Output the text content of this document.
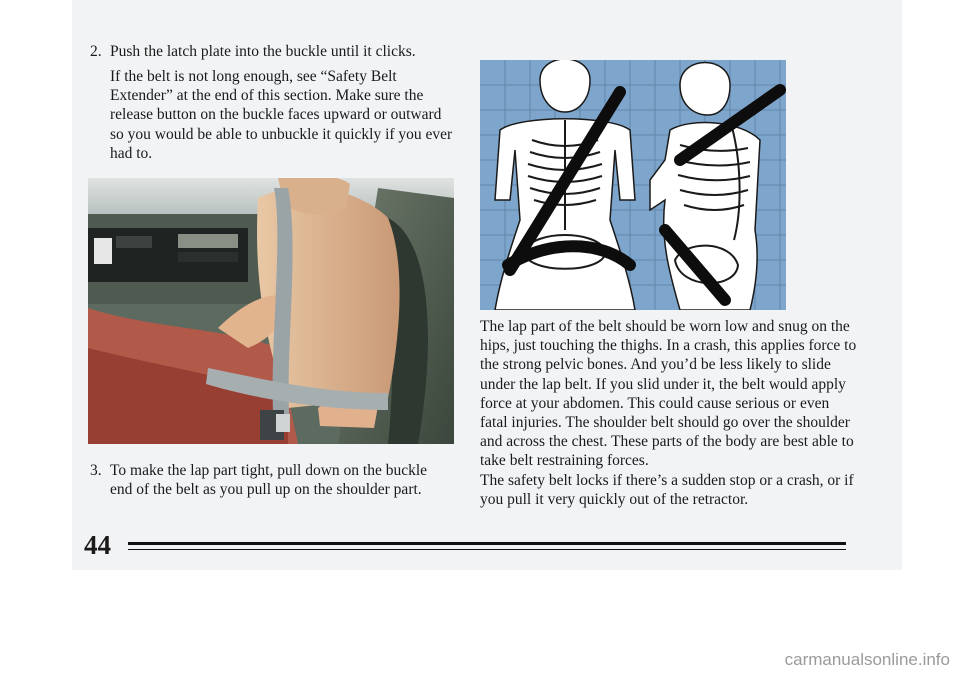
2. Push the latch plate into the buckle until it clicks.

If the belt is not long enough, see “Safety Belt Extender” at the end of this section. Make sure the release button on the buckle faces upward or outward so you would be able to unbuckle it quickly if you ever had to.

3. To make the lap part tight, pull down on the buckle end of the belt as you pull up on the shoulder part.

The lap part of the belt should be worn low and snug on the hips, just touching the thighs. In a crash, this applies force to the strong pelvic bones. And you’d be less likely to slide under the lap belt. If you slid under it, the belt would apply force at your abdomen. This could cause serious or even fatal injuries. The shoulder belt should go over the shoulder and across the chest. These parts of the body are best able to take belt restraining forces.

The safety belt locks if there’s a sudden stop or a crash, or if you pull it very quickly out of the retractor.

44
carmanualsonline.info
